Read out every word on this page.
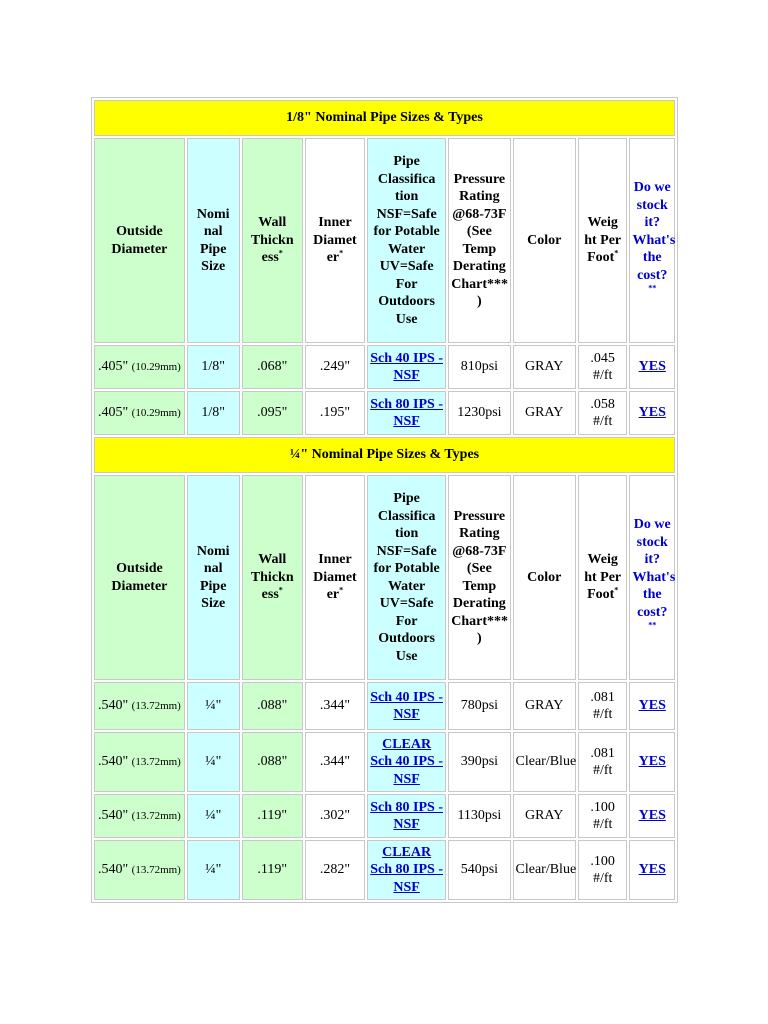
1/8" Nominal Pipe Sizes & Types								
Outside Diameter	Nomi nal Pipe Size	Wall Thickn ess*	Inner Diamet er*	Pipe Classifica tion NSF=Safe for Potable Water UV=Safe For Outdoors Use	Pressure Rating @68-73F (See Temp Derating Chart*** )	Color	Weig ht Per Foot*	Do we stock it? What's the cost?
**
.405" (10.29mm)	1/8"	.068"	.249"	Sch 40 IPS - NSF	810psi	GRAY	.045 #/ft	YES
.405" (10.29mm)	1/8"	.095"	.195"	Sch 80 IPS - NSF	1230psi	GRAY	.058 #/ft	YES
¼" Nominal Pipe Sizes & Types								
Outside Diameter	Nomi nal Pipe Size	Wall Thickn ess*	Inner Diamet er*	Pipe Classifica tion NSF=Safe for Potable Water UV=Safe For Outdoors Use	Pressure Rating @68-73F (See Temp Derating Chart*** )	Color	Weig ht Per Foot*	Do we stock it? What's the cost?
**
.540" (13.72mm)	¼"	.088"	.344"	Sch 40 IPS - NSF	780psi	GRAY	.081 #/ft	YES
.540" (13.72mm)	¼"	.088"	.344"	CLEAR Sch 40 IPS - NSF	390psi	Clear/Blue	.081 #/ft	YES
.540" (13.72mm)	¼"	.119"	.302"	Sch 80 IPS - NSF	1130psi	GRAY	.100 #/ft	YES
.540" (13.72mm)	¼"	.119"	.282"	CLEAR Sch 80 IPS - NSF	540psi	Clear/Blue	.100 #/ft	YES
